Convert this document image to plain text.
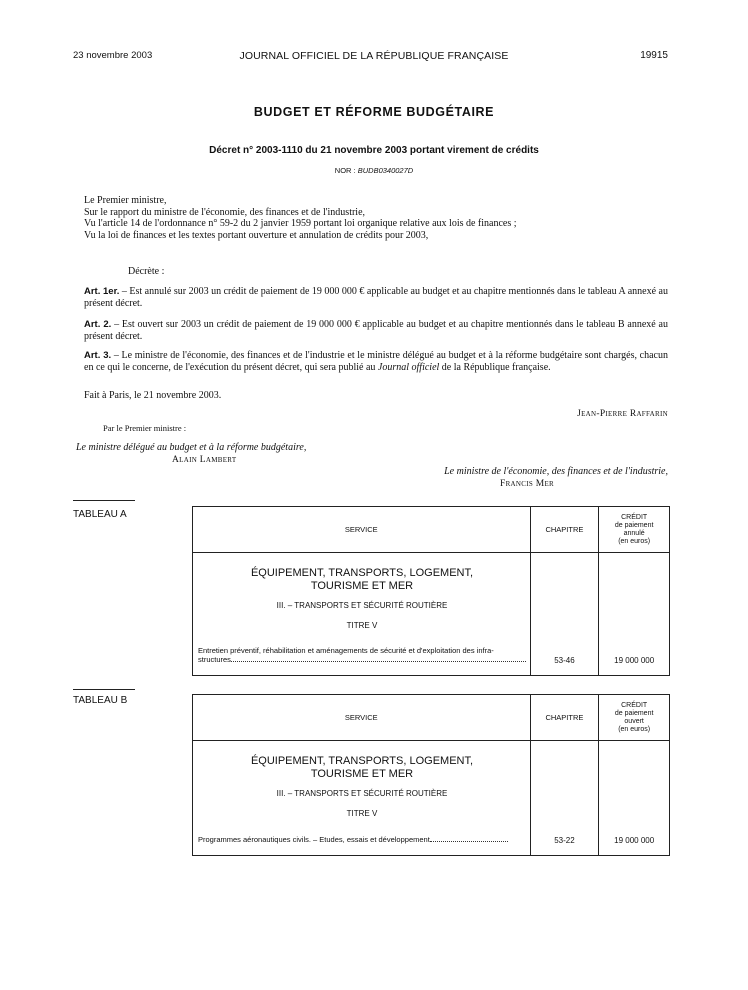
23 novembre 2003	JOURNAL OFFICIEL DE LA RÉPUBLIQUE FRANÇAISE	19915
BUDGET ET RÉFORME BUDGÉTAIRE
Décret n° 2003-1110 du 21 novembre 2003 portant virement de crédits
NOR : BUDB0340027D

Le Premier ministre,

Sur le rapport du ministre de l'économie, des finances et de l'industrie,

Vu l'article 14 de l'ordonnance n° 59-2 du 2 janvier 1959 portant loi organique relative aux lois de finances ;

Vu la loi de finances et les textes portant ouverture et annulation de crédits pour 2003,

Décrète :
Art. 1er. – Est annulé sur 2003 un crédit de paiement de 19 000 000 € applicable au budget et au chapitre mentionnés dans le tableau A annexé au présent décret.
Art. 2. – Est ouvert sur 2003 un crédit de paiement de 19 000 000 € applicable au budget et au chapitre mentionnés dans le tableau B annexé au présent décret.
Art. 3. – Le ministre de l'économie, des finances et de l'industrie et le ministre délégué au budget et à la réforme budgétaire sont chargés, chacun en ce qui le concerne, de l'exécution du présent décret, qui sera publié au Journal officiel de la République française.
Fait à Paris, le 21 novembre 2003.
Jean-Pierre Raffarin
Par le Premier ministre :
Le ministre délégué au budget et à la réforme budgétaire,
Alain Lambert
Le ministre de l'économie, des finances et de l'industrie,
Francis Mer
TABLEAU A
SERVICE	CHAPITRE
CRÉDIT
de paiement
annulé
(en euros)
ÉQUIPEMENT, TRANSPORTS, LOGEMENT,
TOURISME ET MER
III. – TRANSPORTS ET SÉCURITÉ ROUTIÈRE
TITRE V
Entretien préventif, réhabilitation et aménagements de sécurité et d'exploitation des infra-
structures	53-46	19 000 000
TABLEAU B
SERVICE	CHAPITRE
CRÉDIT
de paiement
ouvert
(en euros)
ÉQUIPEMENT, TRANSPORTS, LOGEMENT,
TOURISME ET MER
III. – TRANSPORTS ET SÉCURITÉ ROUTIÈRE
TITRE V
Programmes aéronautiques civils. – Etudes, essais et développement	53-22	19 000 000
